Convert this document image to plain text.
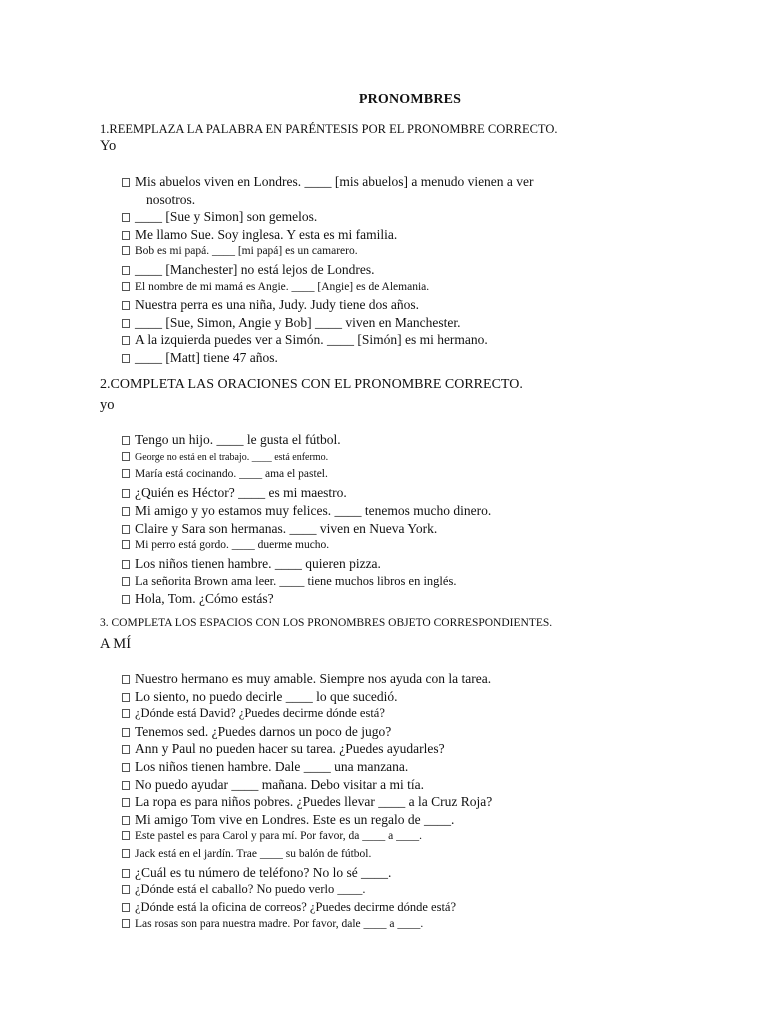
PRONOMBRES
1.REEMPLAZA LA PALABRA EN PARÉNTESIS POR EL PRONOMBRE CORRECTO.
Yo
Mis abuelos viven en Londres. ____ [mis abuelos] a menudo vienen a ver
nosotros.
____ [Sue y Simon] son gemelos.
Me llamo Sue. Soy inglesa. Y esta es mi familia.
Bob es mi papá. ____ [mi papá] es un camarero.
____ [Manchester] no está lejos de Londres.
El nombre de mi mamá es Angie. ____ [Angie] es de Alemania.
Nuestra perra es una niña, Judy. Judy tiene dos años.
____ [Sue, Simon, Angie y Bob] ____ viven en Manchester.
A la izquierda puedes ver a Simón. ____ [Simón] es mi hermano.
____ [Matt] tiene 47 años.
2.COMPLETA LAS ORACIONES CON EL PRONOMBRE CORRECTO.
yo
Tengo un hijo. ____ le gusta el fútbol.
George no está en el trabajo. ____ está enfermo.
María está cocinando. ____ ama el pastel.
¿Quién es Héctor? ____ es mi maestro.
Mi amigo y yo estamos muy felices. ____ tenemos mucho dinero.
Claire y Sara son hermanas. ____ viven en Nueva York.
Mi perro está gordo. ____ duerme mucho.
Los niños tienen hambre. ____ quieren pizza.
La señorita Brown ama leer. ____ tiene muchos libros en inglés.
Hola, Tom. ¿Cómo estás?
3. COMPLETA LOS ESPACIOS CON LOS PRONOMBRES OBJETO CORRESPONDIENTES.
A MÍ
Nuestro hermano es muy amable. Siempre nos ayuda con la tarea.
Lo siento, no puedo decirle ____ lo que sucedió.
¿Dónde está David? ¿Puedes decirme dónde está?
Tenemos sed. ¿Puedes darnos un poco de jugo?
Ann y Paul no pueden hacer su tarea. ¿Puedes ayudarles?
Los niños tienen hambre. Dale ____ una manzana.
No puedo ayudar ____ mañana. Debo visitar a mi tía.
La ropa es para niños pobres. ¿Puedes llevar ____ a la Cruz Roja?
Mi amigo Tom vive en Londres. Este es un regalo de ____.
Este pastel es para Carol y para mí. Por favor, da ____ a ____.
Jack está en el jardín. Trae ____ su balón de fútbol.
¿Cuál es tu número de teléfono? No lo sé ____.
¿Dónde está el caballo? No puedo verlo ____.
¿Dónde está la oficina de correos? ¿Puedes decirme dónde está?
Las rosas son para nuestra madre. Por favor, dale ____ a ____.
